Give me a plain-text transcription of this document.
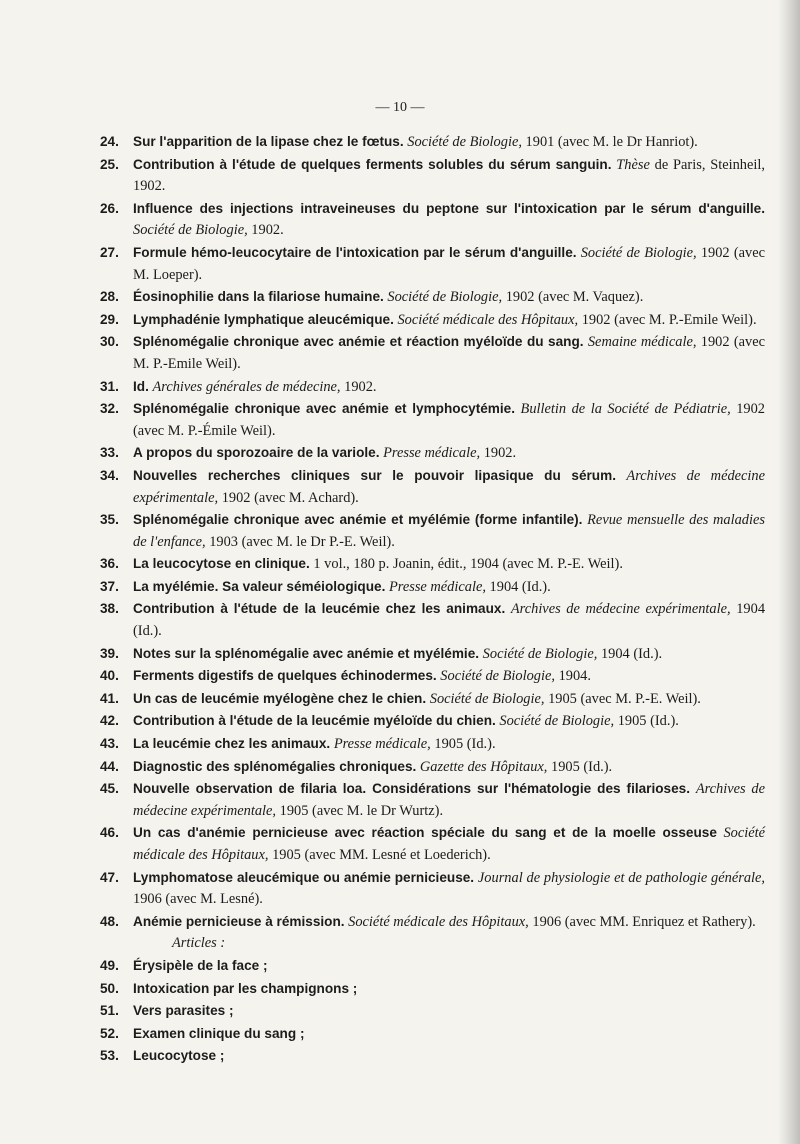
— 10 —
24.	Sur l'apparition de la lipase chez le fœtus. Société de Biologie, 1901 (avec M. le Dr Hanriot).
25.	Contribution à l'étude de quelques ferments solubles du sérum sanguin. Thèse de Paris, Steinheil, 1902.
26.	Influence des injections intraveineuses du peptone sur l'intoxication par le sérum d'anguille. Société de Biologie, 1902.
27.	Formule hémo-leucocytaire de l'intoxication par le sérum d'anguille. Société de Biologie, 1902 (avec M. Loeper).
28.	Éosinophilie dans la filariose humaine. Société de Biologie, 1902 (avec M. Vaquez).
29.	Lymphadénie lymphatique aleucémique. Société médicale des Hôpitaux, 1902 (avec M. P.-Emile Weil).
30.	Splénomégalie chronique avec anémie et réaction myéloïde du sang. Semaine médicale, 1902 (avec M. P.-Emile Weil).
31.	Id. Archives générales de médecine, 1902.
32.	Splénomégalie chronique avec anémie et lymphocytémie. Bulletin de la Société de Pédiatrie, 1902 (avec M. P.-Émile Weil).
33.	A propos du sporozoaire de la variole. Presse médicale, 1902.
34.	Nouvelles recherches cliniques sur le pouvoir lipasique du sérum. Archives de médecine expérimentale, 1902 (avec M. Achard).
35.	Splénomégalie chronique avec anémie et myélémie (forme infantile). Revue mensuelle des maladies de l'enfance, 1903 (avec M. le Dr P.-E. Weil).
36.	La leucocytose en clinique. 1 vol., 180 p. Joanin, édit., 1904 (avec M. P.-E. Weil).
37.	La myélémie. Sa valeur séméiologique. Presse médicale, 1904 (Id.).
38.	Contribution à l'étude de la leucémie chez les animaux. Archives de médecine expérimentale, 1904 (Id.).
39.	Notes sur la splénomégalie avec anémie et myélémie. Société de Biologie, 1904 (Id.).
40.	Ferments digestifs de quelques échinodermes. Société de Biologie, 1904.
41.	Un cas de leucémie myélogène chez le chien. Société de Biologie, 1905 (avec M. P.-E. Weil).
42.	Contribution à l'étude de la leucémie myéloïde du chien. Société de Biologie, 1905 (Id.).
43.	La leucémie chez les animaux. Presse médicale, 1905 (Id.).
44.	Diagnostic des splénomégalies chroniques. Gazette des Hôpitaux, 1905 (Id.).
45.	Nouvelle observation de filaria loa. Considérations sur l'hématologie des filarioses. Archives de médecine expérimentale, 1905 (avec M. le Dr Wurtz).
46.	Un cas d'anémie pernicieuse avec réaction spéciale du sang et de la moelle osseuse Société médicale des Hôpitaux, 1905 (avec MM. Lesné et Loederich).
47.	Lymphomatose aleucémique ou anémie pernicieuse. Journal de physiologie et de pathologie générale, 1906 (avec M. Lesné).
48.	Anémie pernicieuse à rémission. Société médicale des Hôpitaux, 1906 (avec MM. Enriquez et Rathery).
Articles :
49.	Érysipèle de la face ;
50.	Intoxication par les champignons ;
51.	Vers parasites ;
52.	Examen clinique du sang ;
53.	Leucocytose ;
